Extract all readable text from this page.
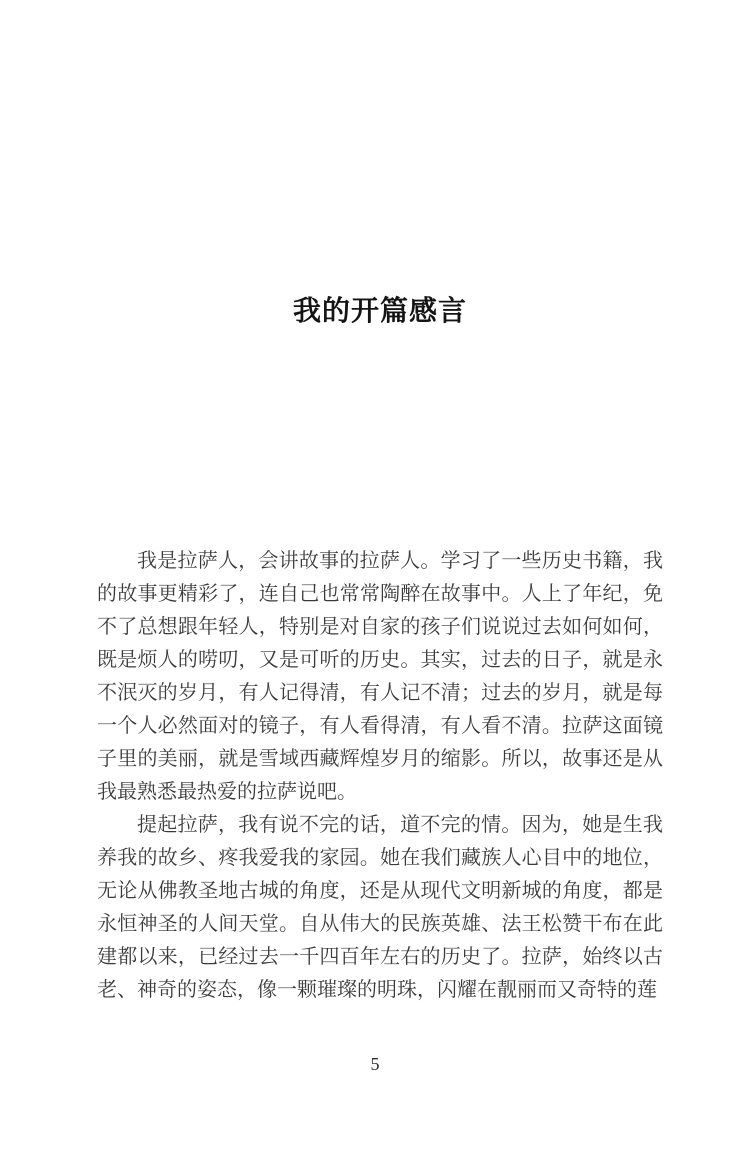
我的开篇感言

我是拉萨人，会讲故事的拉萨人。学习了一些历史书籍，我的故事更精彩了，连自己也常常陶醉在故事中。人上了年纪，免不了总想跟年轻人，特别是对自家的孩子们说说过去如何如何，既是烦人的唠叨，又是可听的历史。其实，过去的日子，就是永不泯灭的岁月，有人记得清，有人记不清；过去的岁月，就是每一个人必然面对的镜子，有人看得清，有人看不清。拉萨这面镜子里的美丽，就是雪域西藏辉煌岁月的缩影。所以，故事还是从我最熟悉最热爱的拉萨说吧。

提起拉萨，我有说不完的话，道不完的情。因为，她是生我养我的故乡、疼我爱我的家园。她在我们藏族人心目中的地位，无论从佛教圣地古城的角度，还是从现代文明新城的角度，都是永恒神圣的人间天堂。自从伟大的民族英雄、法王松赞干布在此建都以来，已经过去一千四百年左右的历史了。拉萨，始终以古老、神奇的姿态，像一颗璀璨的明珠，闪耀在靓丽而又奇特的莲

5
